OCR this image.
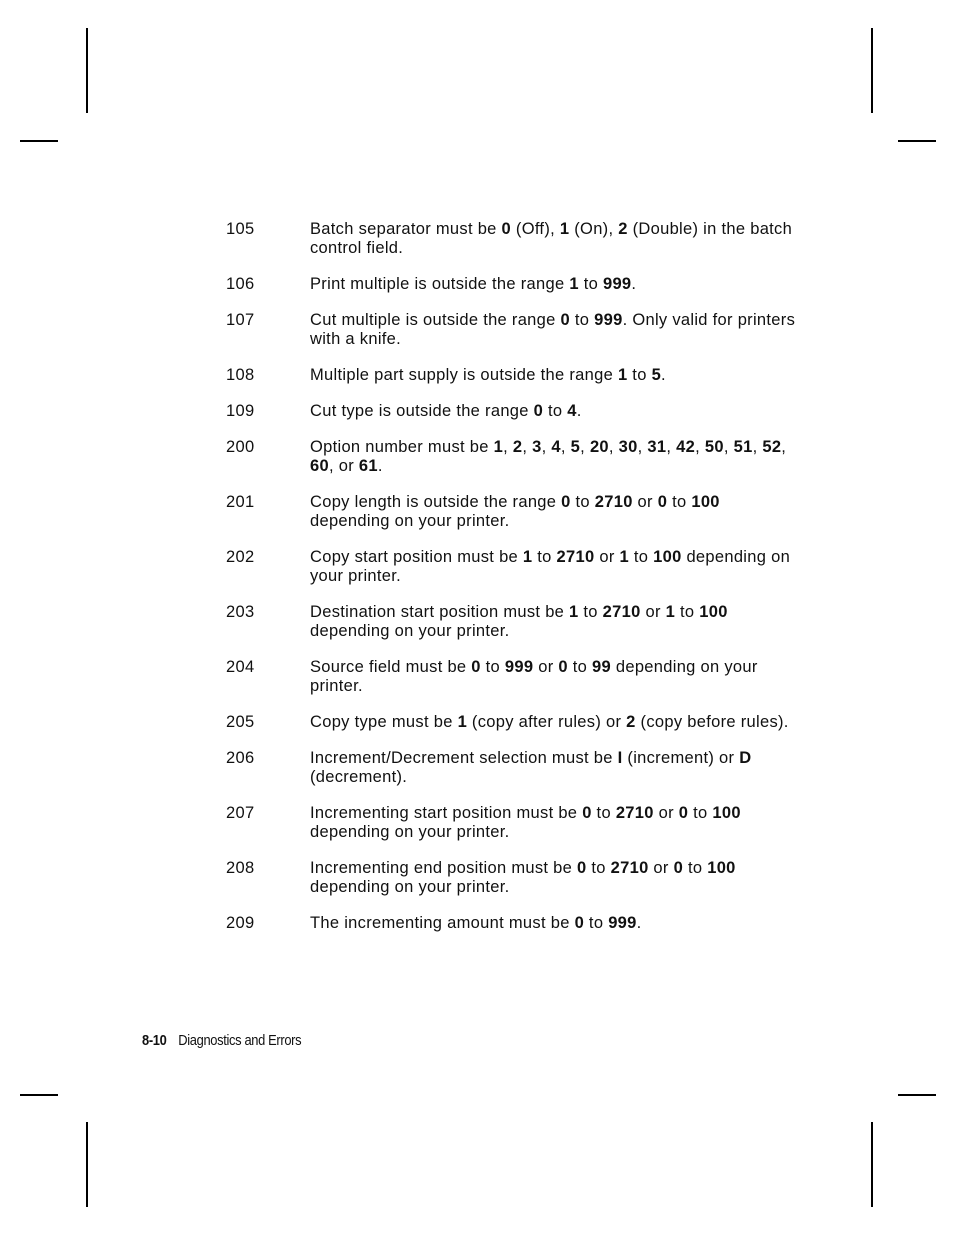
105	Batch separator must be 0 (Off), 1 (On), 2 (Double) in the batch control field.
106	Print multiple is outside the range 1 to 999.
107	Cut multiple is outside the range 0 to 999. Only valid for printers with a knife.
108	Multiple part supply is outside the range 1 to 5.
109	Cut type is outside the range 0 to 4.
200	Option number must be 1, 2, 3, 4, 5, 20, 30, 31, 42, 50, 51, 52, 60, or 61.
201	Copy length is outside the range 0 to 2710 or 0 to 100 depending on your printer.
202	Copy start position must be 1 to 2710 or 1 to 100 depending on your printer.
203	Destination start position must be 1 to 2710 or 1 to 100 depending on your printer.
204	Source field must be 0 to 999 or 0 to 99 depending on your printer.
205	Copy type must be 1 (copy after rules) or 2 (copy before rules).
206	Increment/Decrement selection must be I (increment) or D (decrement).
207	Incrementing start position must be 0 to 2710 or 0 to 100 depending on your printer.
208	Incrementing end position must be 0 to 2710 or 0 to 100 depending on your printer.
209	The incrementing amount must be 0 to 999.
8-10 Diagnostics and Errors
